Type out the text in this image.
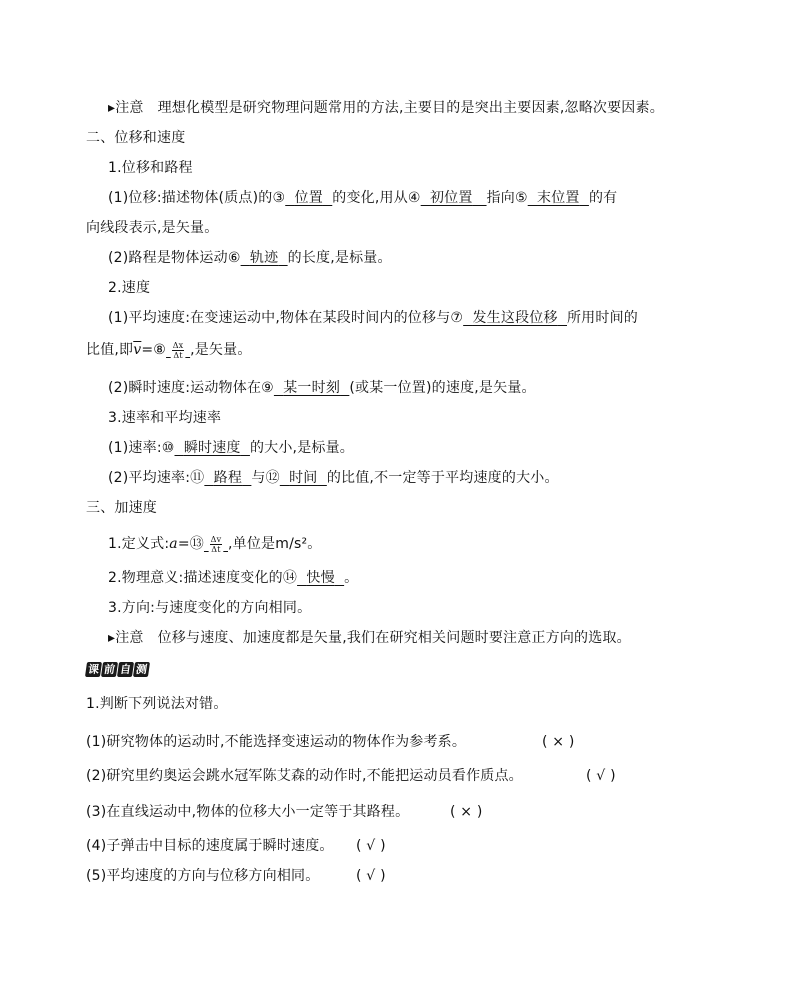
▸注意 理想化模型是研究物理问题常用的方法,主要目的是突出主要因素,忽略次要因素。
二、位移和速度
1.位移和路程
(1)位移:描述物体(质点)的③ 位置 的变化,用从④ 初位置 指向⑤ 末位置 的有
向线段表示,是矢量。
(2)路程是物体运动⑥ 轨迹 的长度,是标量。
2.速度
(1)平均速度:在变速运动中,物体在某段时间内的位移与⑦ 发生这段位移 所用时间的
比值,即$\overline{v}=⑧ \frac{\Delta x}{\Delta t}$ ,是矢量。
(2)瞬时速度:运动物体在⑨ 某一时刻 (或某一位置)的速度,是矢量。
3.速率和平均速率
(1)速率:⑩ 瞬时速度 的大小,是标量。
(2)平均速率:⑪ 路程 与⑫ 时间 的比值,不一定等于平均速度的大小。
三、加速度
1.定义式:a=⑬ $\frac{\Delta v}{\Delta t}$ ,单位是m/s²。
2.物理意义:描述速度变化的⑭ 快慢 。
3.方向:与速度变化的方向相同。
▸注意 位移与速度、加速度都是矢量,我们在研究相关问题时要注意正方向的选取。
课 前 自 测
1.判断下列说法对错。
(1)研究物体的运动时,不能选择变速运动的物体作为参考系。	( × )
(2)研究里约奥运会跳水冠军陈艾森的动作时,不能把运动员看作质点。	( √ )
(3)在直线运动中,物体的位移大小一定等于其路程。	( × )
(4)子弹击中目标的速度属于瞬时速度。 ( √ )
(5)平均速度的方向与位移方向相同。	( √ )
